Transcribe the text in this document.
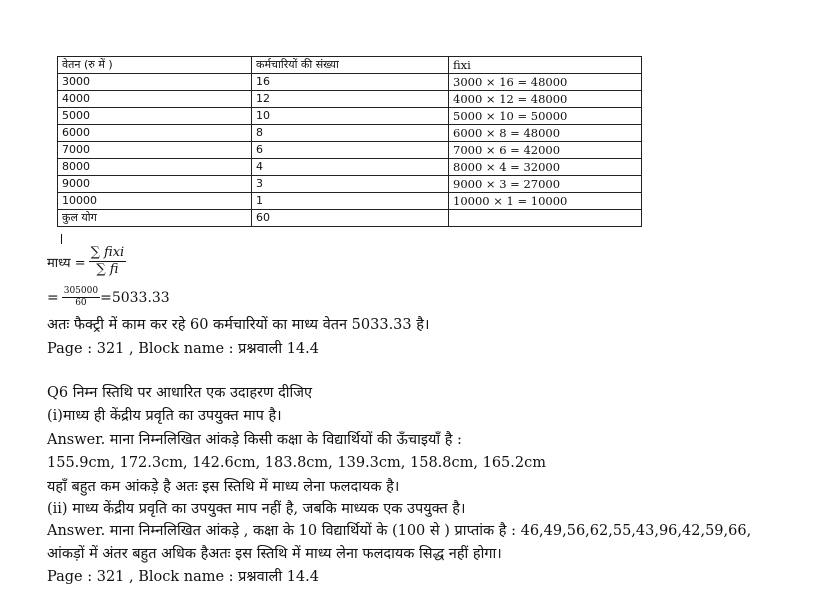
वेतन (रु में )	कर्मचारियों की संख्या	fixi
3000	16	3000 × 16 = 48000
4000	12	4000 × 12 = 48000
5000	10	5000 × 10 = 50000
6000	8	6000 × 8 = 48000
7000	6	7000 × 6 = 42000
8000	4	8000 × 4 = 32000
9000	3	9000 × 3 = 27000
10000	1	10000 × 1 = 10000
कुल योग	60	
माध्य = $\frac{\text{∑ fixi}}{\sum fi}$
= $\frac{305000}{60} =5033.33$
अतः फैक्ट्री में काम कर रहे 60 कर्मचारियों का माध्य वेतन 5033.33 है।
Page : 321 , Block name : प्रश्नवाली 14.4
Q6 निम्न स्तिथि पर आधारित एक उदाहरण दीजिए
(i)माध्य ही केंद्रीय प्रवृति का उपयुक्त माप है।
Answer. माना निम्नलिखित आंकड़े किसी कक्षा के विद्यार्थियों की ऊँचाइयाँ है :
155.9cm, 172.3cm, 142.6cm, 183.8cm, 139.3cm, 158.8cm, 165.2cm
यहाँ बहुत कम आंकड़े है अतः इस स्तिथि में माध्य लेना फलदायक है।
(ii) माध्य केंद्रीय प्रवृति का उपयुक्त माप नहीं है, जबकि माध्यक एक उपयुक्त है।
Answer. माना निम्नलिखित आंकड़े , कक्षा के 10 विद्यार्थियों के (100 से ) प्राप्तांक है : 46,49,56,62,55,43,96,42,59,66,
आंकड़ों में अंतर बहुत अधिक हैअतः इस स्तिथि में माध्य लेना फलदायक सिद्ध नहीं होगा।
Page : 321 , Block name : प्रश्नवाली 14.4
